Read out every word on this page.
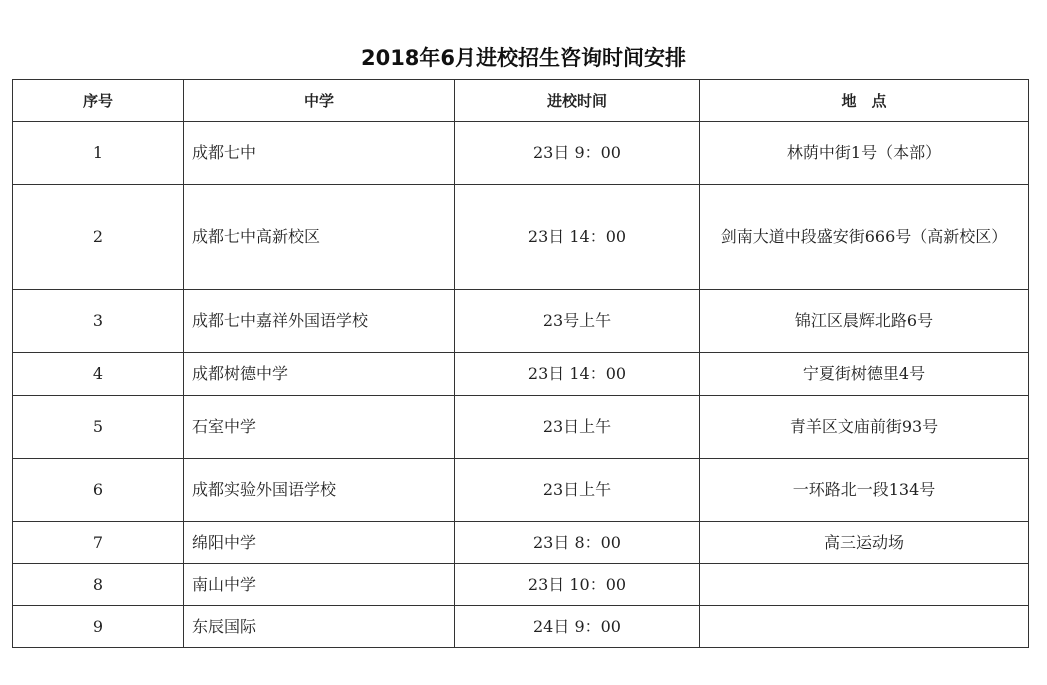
2018年6月进校招生咨询时间安排
序号	中学	进校时间	地　点
1	成都七中	23日 9：00	林荫中街1号（本部）
2	成都七中高新校区	23日 14：00	剑南大道中段盛安街666号（高新校区）
3	成都七中嘉祥外国语学校	23号上午	锦江区晨辉北路6号
4	成都树德中学	23日 14：00	宁夏街树德里4号
5	石室中学	23日上午	青羊区文庙前街93号
6	成都实验外国语学校	23日上午	一环路北一段134号
7	绵阳中学	23日 8：00	高三运动场
8	南山中学	23日 10：00	
9	东辰国际	24日 9：00	
